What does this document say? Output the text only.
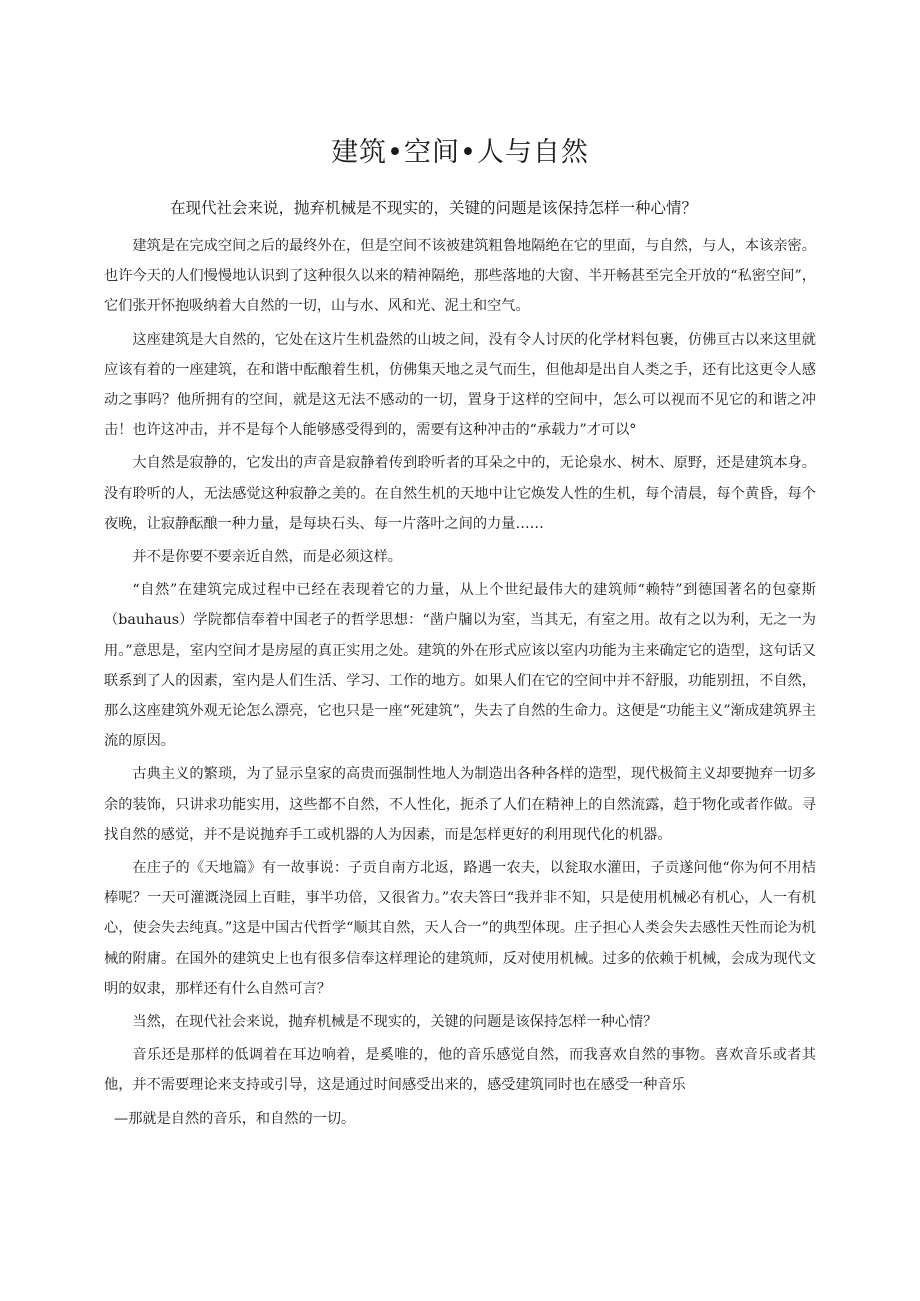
建筑•空间•人与自然

在现代社会来说，抛弃机械是不现实的，关键的问题是该保持怎样一种心情？

建筑是在完成空间之后的最终外在，但是空间不该被建筑粗鲁地隔绝在它的里面，与自然，与人，本该亲密。也许今天的人们慢慢地认识到了这种很久以来的精神隔绝，那些落地的大窗、半开畅甚至完全开放的“私密空间”，它们张开怀抱吸纳着大自然的一切，山与水、风和光、泥土和空气。

这座建筑是大自然的，它处在这片生机盎然的山坡之间，没有令人讨厌的化学材料包裹，仿佛亘古以来这里就应该有着的一座建筑，在和谐中酝酿着生机，仿佛集天地之灵气而生，但他却是出自人类之手，还有比这更令人感动之事吗？他所拥有的空间，就是这无法不感动的一切，置身于这样的空间中，怎么可以视而不见它的和谐之冲击！也许这冲击，并不是每个人能够感受得到的，需要有这种冲击的“承载力”才可以°

大自然是寂静的，它发出的声音是寂静着传到聆听者的耳朵之中的，无论泉水、树木、原野，还是建筑本身。没有聆听的人，无法感觉这种寂静之美的。在自然生机的天地中让它焕发人性的生机，每个清晨，每个黄昏，每个夜晚，让寂静酝酿一种力量，是每块石头、每一片落叶之间的力量……

并不是你要不要亲近自然，而是必须这样。

“自然”在建筑完成过程中已经在表现着它的力量，从上个世纪最伟大的建筑师“赖特”到德国著名的包豪斯（bauhaus）学院都信奉着中国老子的哲学思想：“凿户牖以为室，当其无，有室之用。故有之以为利，无之一为用。”意思是，室内空间才是房屋的真正实用之处。建筑的外在形式应该以室内功能为主来确定它的造型，这句话又联系到了人的因素，室内是人们生活、学习、工作的地方。如果人们在它的空间中并不舒服，功能别扭，不自然，那么这座建筑外观无论怎么漂亮，它也只是一座“死建筑”，失去了自然的生命力。这便是“功能主义”渐成建筑界主流的原因。

古典主义的繁琐，为了显示皇家的高贵而强制性地人为制造出各种各样的造型，现代极简主义却要抛弃一切多余的装饰，只讲求功能实用，这些都不自然，不人性化，扼杀了人们在精神上的自然流露，趋于物化或者作做。寻找自然的感觉，并不是说抛弃手工或机器的人为因素，而是怎样更好的利用现代化的机器。

在庄子的《天地篇》有一故事说：子贡自南方北返，路遇一农夫，以瓮取水灌田，子贡遂问他“你为何不用桔棒呢？一天可灌溉浇园上百畦，事半功倍，又很省力。”农夫答曰“我并非不知，只是使用机械必有机心，人一有机心，使会失去纯真。”这是中国古代哲学“顺其自然，天人合一”的典型体现。庄子担心人类会失去感性天性而论为机械的附庸。在国外的建筑史上也有很多信奉这样理论的建筑师，反对使用机械。过多的依赖于机械，会成为现代文明的奴隶，那样还有什么自然可言？

当然，在现代社会来说，抛弃机械是不现实的，关键的问题是该保持怎样一种心情？

音乐还是那样的低调着在耳边响着，是奚唯的，他的音乐感觉自然，而我喜欢自然的事物。喜欢音乐或者其他，并不需要理论来支持或引导，这是通过时间感受出来的，感受建筑同时也在感受一种音乐

—那就是自然的音乐，和自然的一切。
